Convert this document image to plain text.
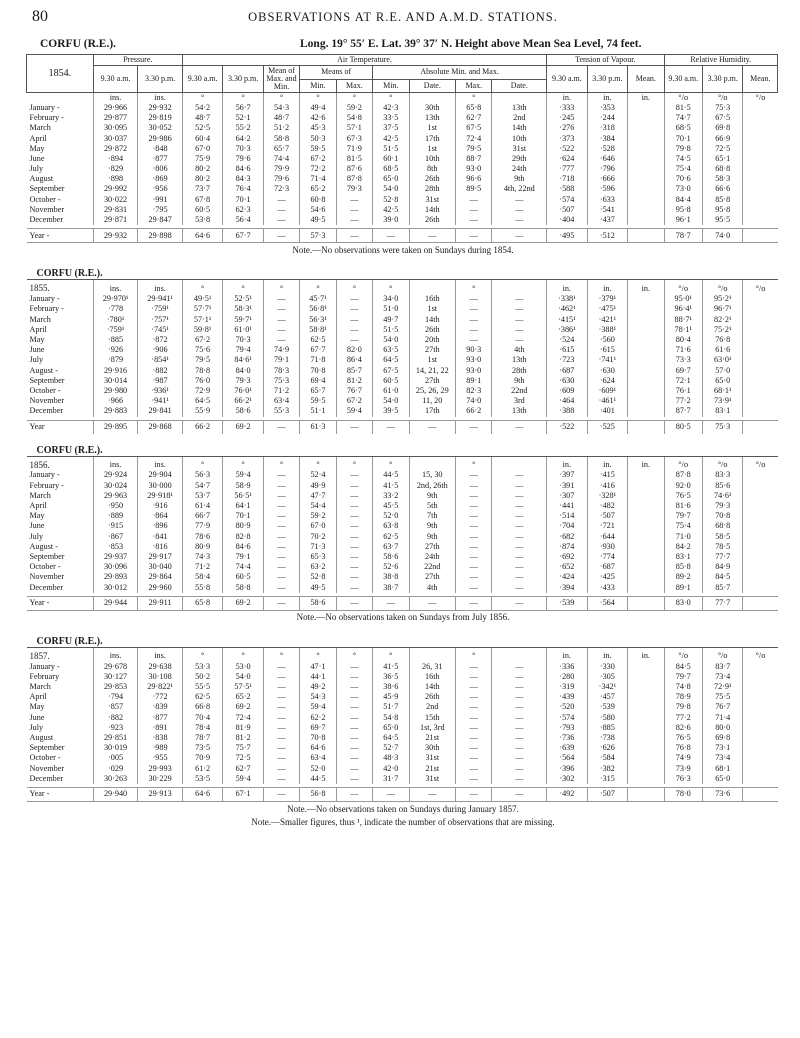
80	OBSERVATIONS AT R.E. AND A.M.D. STATIONS.
CORFU (R.E.).	Long. 19° 55′ E. Lat. 39° 37′ N. Height above Mean Sea Level, 74 feet.
1854.	Pressure.		Air Temperature.									Tension of Vapour.			Relative Humidity.		
	9.30 a.m.	3.30 p.m.	9.30 a.m.	3.30 p.m.	Mean of Max. and Min.	Means of		Absolute Min. and Max.				9.30 a.m.	3.30 p.m.	Mean.	9.30 a.m.	3.30 p.m.	Mean.
						Min.	Max.	Min.	Date.	Max.	Date.						
	ins.	ins.	°	°	°	°	°	°		°		in.	in.	in.	°/o	°/o	°/o
January -	29·966	29·932	54·2	56·7	54·3	49·4	59·2	42·3	30th	65·8	13th	·333	·353		81·5	75·3	
February -	29·877	29·819	48·7	52·1	48·7	42·6	54·8	33·5	13th	62·7	2nd	·245	·244		74·7	67·5	
March	30·095	30·052	52·5	55·2	51·2	45·3	57·1	37·5	1st	67·5	14th	·276	·318		68·5	69·8	
April	30·037	29·986	60·4	64·2	58·8	50·3	67·3	42·5	17th	72·4	10th	·373	·384		70·1	66·9	
May	29·872	·848	67·0	70·3	65·7	59·5	71·9	51·5	1st	79·5	31st	·522	·528		79·8	72·5	
June	·894	·877	75·9	79·6	74·4	67·2	81·5	60·1	10th	88·7	29th	·624	·646		74·5	65·1	
July	·829	·806	80·2	84·6	79·9	72·2	87·6	68·5	8th	93·0	24th	·777	·796		75·4	68·8	
August	·898	·869	80·2	84·3	79·6	71·4	87·8	65·0	26th	96·6	9th	·718	·666		70·6	58·3	
September	29·992	·956	73·7	76·4	72·3	65·2	79·3	54·0	28th	89·5	4th, 22nd	·588	·596		73·0	66·6	
October -	30·022	·991	67·8	70·1	—	60·8	—	52·8	31st	—	—	·574	·633		84·4	85·8	
November	29·831	·795	60·5	62·3	—	54·6	—	42·5	14th	—	—	·507	·541		95·8	95·8	
December	29·871	29·847	53·8	56·4	—	49·5	—	39·0	26th	—	—	·404	·437		96·1	95·5	

Year -	29·932	29·898	64·6	67·7	—	57·3	—	—	—	—	—	·495	·512		78·7	74·0	
Note.—No observations were taken on Sundays during 1854.																	
CORFU (R.E.).																	
1855.	ins.	ins.	°	°	°	°	°	°		°		in.	in.	in.	°/o	°/o	°/o
January -	29·970¹	29·941¹	49·5¹	52·5¹	—	45·7¹	—	34·0	16th	—	—	·338¹	·379¹		95·0¹	95·2¹	
February -	·778	·759¹	57·7¹	58·3¹	—	56·8¹	—	51·0	1st	—	—	·462¹	·475¹		96·4¹	96·7¹	
March	·780¹	·757¹	57·1¹	59·7¹	—	56·3¹	—	49·7	14th	—	—	·415¹	·421¹		88·7¹	82·2¹	
April	·759¹	·745¹	59·8¹	61·0¹	—	58·8¹	—	51·5	26th	—	—	·386¹	·388¹		78·1¹	75·2¹	
May	·885	·872	67·2	70·3	—	62·5	—	54·0	20th	—	—	·524	·560		80·4	76·8	
June	·926	·906	75·6	79·4	74·9	67·7	82·0	63·5	27th	90·3	4th	·615	·615		71·6	61·6	
July	·879	·854¹	79·5	84·6¹	79·1	71·8	86·4	64·5	1st	93·0	13th	·723	·741¹		73·3	63·0¹	
August -	29·916	·882	78·8	84·0	78·3	70·8	85·7	67·5	14, 21, 22	93·0	28th	·687	·630		69·7	57·0	
September	30·014	·987	76·0	79·3	75·3	69·4	81·2	60·5	27th	89·1	9th	·630	·624		72·1	65·0	
October -	29·980	·936¹	72·9	76·0¹	71·2	65·7	76·7	61·0	25, 26, 29	82·3	22nd	·609	·609¹		76·1	68·1¹	
November	·966	·941¹	64·5	66·2¹	63·4	59·5	67·2	54·0	11, 20	74·0	3rd	·464	·461¹		77·2	73·9¹	
December	29·883	29·841	55·9	58·6	55·3	51·1	59·4	39·5	17th	66·2	13th	·388	·401		87·7	83·1	

Year	29·895	29·868	66·2	69·2	—	61·3	—	—	—	—	—	·522	·525		80·5	75·3	
CORFU (R.E.).																	
1856.	ins.	ins.	°	°	°	°	°	°		°		in.	in.	in.	°/o	°/o	°/o
January -	29·924	29·904	56·3	59·4	—	52·4	—	44·5	15, 30	—	—	·397	·415		87·8	83·3	
February -	30·024	30·000	54·7	58·9	—	49·9	—	41·5	2nd, 26th	—	—	·391	·416		92·0	85·6	
March	29·963	29·918¹	53·7	56·5¹	—	47·7	—	33·2	9th	—	—	·307	·328¹		76·5	74·6¹	
April	·950	·916	61·4	64·1	—	54·4	—	45·5	5th	—	—	·441	·482		81·6	79·3	
May	·889	·864	66·7	70·1	—	59·2	—	52·0	7th	—	—	·514	·507		79·7	70·8	
June	·915	·896	77·9	80·9	—	67·0	—	63·8	9th	—	—	·704	·721		75·4	68·8	
July	·867	·841	78·6	82·8	—	70·2	—	62·5	9th	—	—	·682	·644		71·0	58·5	
August -	·853	·816	80·9	84·6	—	71·3	—	63·7	27th	—	—	·874	·930		84·2	78·5	
September	29·937	29·917	74·3	79·1	—	65·3	—	58·6	24th	—	—	·692	·774		83·1	77·7	
October -	30·096	30·040	71·2	74·4	—	63·2	—	52·6	22nd	—	—	·652	·687		85·8	84·9	
November	29·893	29·864	58·4	60·5	—	52·8	—	38·8	27th	—	—	·424	·425		89·2	84·5	
December	30·012	29·960	55·8	58·8	—	49·5	—	38·7	4th	—	—	·394	·433		89·1	85·7	

Year -	29·944	29·911	65·8	69·2	—	58·6	—	—	—	—	—	·539	·564		83·0	77·7	
Note.—No observations taken on Sundays from July 1856.																	
CORFU (R.E.).																	
1857.	ins.	ins.	°	°	°	°	°	°		°		in.	in.	in.	°/o	°/o	°/o
January -	29·678	29·638	53·3	53·0	—	47·1	—	41·5	26, 31	—	—	·336	·330		84·5	83·7	
February	30·127	30·108	50·2	54·0	—	44·1	—	36·5	16th	—	—	·280	·305		79·7	73·4	
March	29·853	29·822¹	55·5	57·5¹	—	49·2	—	38·6	14th	—	—	·319	·342¹		74·8	72·9¹	
April	·794	·772	62·5	65·2	—	54·3	—	45·9	26th	—	—	·439	·457		78·9	75·5	
May	·857	·839	66·8	69·2	—	59·4	—	51·7	2nd	—	—	·520	·539		79·8	76·7	
June	·882	·877	70·4	72·4	—	62·2	—	54·8	15th	—	—	·574	·580		77·2	71·4	
July	·923	·891	78·4	81·9	—	69·7	—	65·0	1st, 3rd	—	—	·793	·885		82·6	80·0	
August	29·851	·838	78·7	81·2	—	70·8	—	64·5	21st	—	—	·736	·738		76·5	69·8	
September	30·019	·989	73·5	75·7	—	64·6	—	52·7	30th	—	—	·639	·626		76·8	73·1	
October -	·005	·955	70·9	72·5	—	63·4	—	48·3	31st	—	—	·564	·584		74·9	73·4	
November	·029	29·993	61·2	62·7	—	52·0	—	42·0	21st	—	—	·396	·382		73·9	68·1	
December	30·263	30·229	53·5	59·4	—	44·5	—	31·7	31st	—	—	·302	·315		76·3	65·0	

Year -	29·940	29·913	64·6	67·1	—	56·8	—	—	—	—	—	·492	·507		78·0	73·6	
Note.—No observations taken on Sundays during January 1857.																	
Note.—Smaller figures, thus ¹, indicate the number of observations that are missing.																	
